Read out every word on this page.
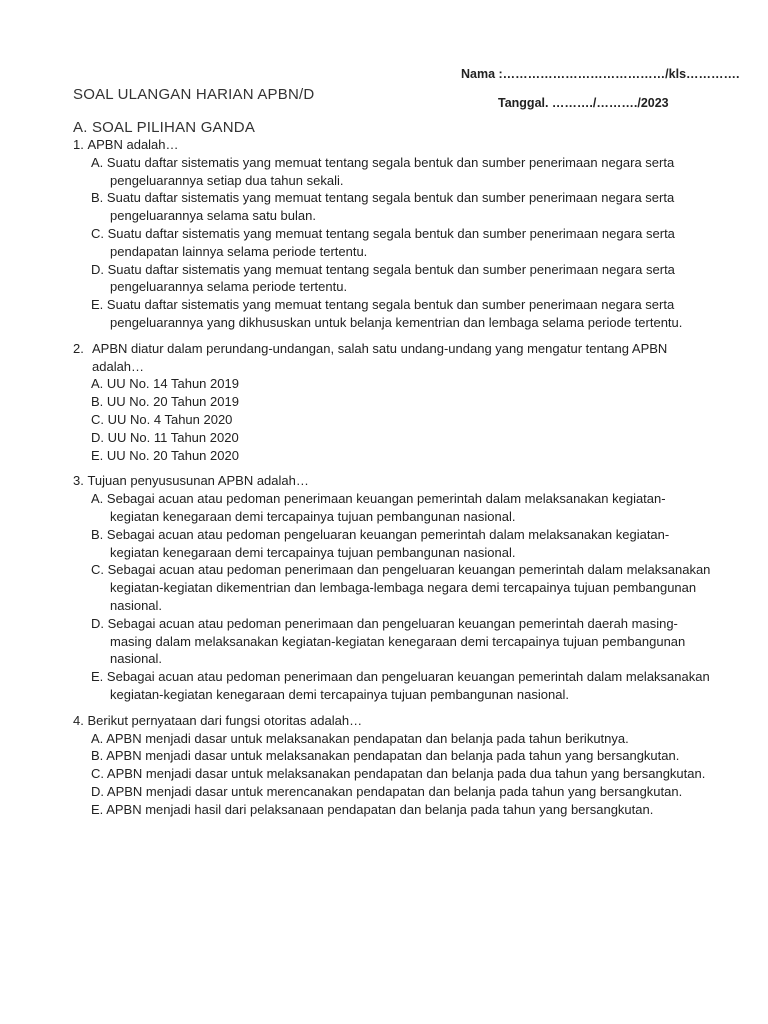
Nama :…………………………………/kls………….
SOAL ULANGAN HARIAN APBN/D	Tanggal. ………./………./2023
A. SOAL PILIHAN GANDA
1.
APBN adalah…
A. Suatu daftar sistematis yang memuat tentang segala bentuk dan sumber penerimaan negara serta pengeluarannya setiap dua tahun sekali.
B. Suatu daftar sistematis yang memuat tentang segala bentuk dan sumber penerimaan negara serta pengeluarannya selama satu bulan.
C. Suatu daftar sistematis yang memuat tentang segala bentuk dan sumber penerimaan negara serta pendapatan lainnya selama periode tertentu.
D. Suatu daftar sistematis yang memuat tentang segala bentuk dan sumber penerimaan negara serta pengeluarannya selama periode tertentu.
E. Suatu daftar sistematis yang memuat tentang segala bentuk dan sumber penerimaan negara serta pengeluarannya yang dikhususkan untuk belanja kementrian dan lembaga selama periode tertentu.
2. APBN diatur dalam perundang-undangan, salah satu undang-undang yang mengatur tentang APBN adalah…
A. UU No. 14 Tahun 2019
B. UU No. 20 Tahun 2019
C. UU No. 4 Tahun 2020
D. UU No. 11 Tahun 2020
E. UU No. 20 Tahun 2020
3.
Tujuan penyususunan APBN adalah…
A. Sebagai acuan atau pedoman penerimaan keuangan pemerintah dalam melaksanakan kegiatan-kegiatan kenegaraan demi tercapainya tujuan pembangunan nasional.
B. Sebagai acuan atau pedoman pengeluaran keuangan pemerintah dalam melaksanakan kegiatan-kegiatan kenegaraan demi tercapainya tujuan pembangunan nasional.
C. Sebagai acuan atau pedoman penerimaan dan pengeluaran keuangan pemerintah dalam melaksanakan kegiatan-kegiatan dikementrian dan lembaga-lembaga negara demi tercapainya tujuan pembangunan nasional.
D. Sebagai acuan atau pedoman penerimaan dan pengeluaran keuangan pemerintah daerah masing-masing dalam melaksanakan kegiatan-kegiatan kenegaraan demi tercapainya tujuan pembangunan nasional.
E. Sebagai acuan atau pedoman penerimaan dan pengeluaran keuangan pemerintah dalam melaksanakan kegiatan-kegiatan kenegaraan demi tercapainya tujuan pembangunan nasional.
4.
Berikut pernyataan dari fungsi otoritas adalah…
A. APBN menjadi dasar untuk melaksanakan pendapatan dan belanja pada tahun berikutnya.
B. APBN menjadi dasar untuk melaksanakan pendapatan dan belanja pada tahun yang bersangkutan.
C. APBN menjadi dasar untuk melaksanakan pendapatan dan belanja pada dua tahun yang bersangkutan.
D. APBN menjadi dasar untuk merencanakan pendapatan dan belanja pada tahun yang bersangkutan.
E. APBN menjadi hasil dari pelaksanaan pendapatan dan belanja pada tahun yang bersangkutan.
